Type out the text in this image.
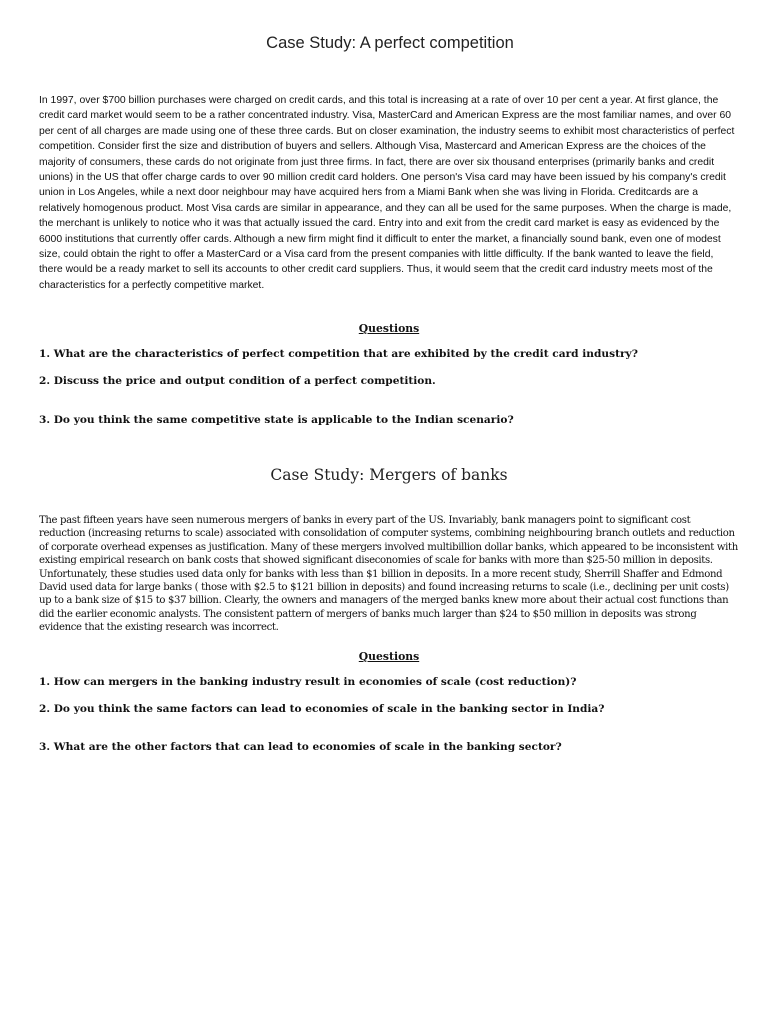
Case Study: A perfect competition

In 1997, over $700 billion purchases were charged on credit cards, and this total is increasing at a rate of over 10 per cent a year. At first glance, the credit card market would seem to be a rather concentrated industry. Visa, MasterCard and American Express are the most familiar names, and over 60 per cent of all charges are made using one of these three cards. But on closer examination, the industry seems to exhibit most characteristics of perfect competition. Consider first the size and distribution of buyers and sellers. Although Visa, Mastercard and American Express are the choices of the majority of consumers, these cards do not originate from just three firms. In fact, there are over six thousand enterprises (primarily banks and credit unions) in the US that offer charge cards to over 90 million credit card holders. One person's Visa card may have been issued by his company's credit union in Los Angeles, while a next door neighbour may have acquired hers from a Miami Bank when she was living in Florida. Creditcards are a relatively homogenous product. Most Visa cards are similar in appearance, and they can all be used for the same purposes. When the charge is made, the merchant is unlikely to notice who it was that actually issued the card. Entry into and exit from the credit card market is easy as evidenced by the 6000 institutions that currently offer cards. Although a new firm might find it difficult to enter the market, a financially sound bank, even one of modest size, could obtain the right to offer a MasterCard or a Visa card from the present companies with little difficulty. If the bank wanted to leave the field, there would be a ready market to sell its accounts to other credit card suppliers. Thus, it would seem that the credit card industry meets most of the characteristics for a perfectly competitive market.

Questions
1. What are the characteristics of perfect competition that are exhibited by the credit card industry?
2. Discuss the price and output condition of a perfect competition.
3. Do you think the same competitive state is applicable to the Indian scenario?
Case Study: Mergers of banks

The past fifteen years have seen numerous mergers of banks in every part of the US. Invariably, bank managers point to significant cost reduction (increasing returns to scale) associated with consolidation of computer systems, combining neighbouring branch outlets and reduction of corporate overhead expenses as justification. Many of these mergers involved multibillion dollar banks, which appeared to be inconsistent with existing empirical research on bank costs that showed significant diseconomies of scale for banks with more than $25-50 million in deposits. Unfortunately, these studies used data only for banks with less than $1 billion in deposits. In a more recent study, Sherrill Shaffer and Edmond David used data for large banks ( those with $2.5 to $121 billion in deposits) and found increasing returns to scale (i.e., declining per unit costs) up to a bank size of $15 to $37 billion. Clearly, the owners and managers of the merged banks knew more about their actual cost functions than did the earlier economic analysts. The consistent pattern of mergers of banks much larger than $24 to $50 million in deposits was strong evidence that the existing research was incorrect.

Questions
1. How can mergers in the banking industry result in economies of scale (cost reduction)?
2. Do you think the same factors can lead to economies of scale in the banking sector in India?
3. What are the other factors that can lead to economies of scale in the banking sector?
